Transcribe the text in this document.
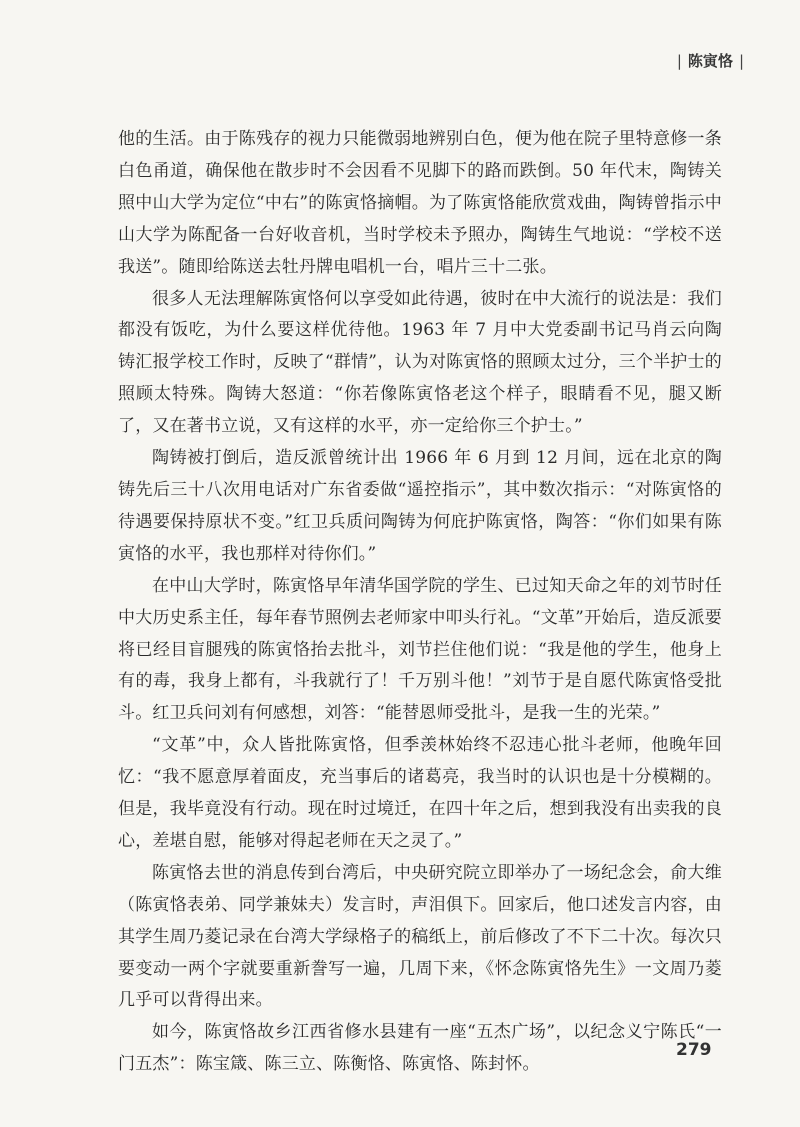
| 陈寅恪 |

他的生活。由于陈残存的视力只能微弱地辨别白色，便为他在院子里特意修一条白色甬道，确保他在散步时不会因看不见脚下的路而跌倒。50 年代末，陶铸关照中山大学为定位“中右”的陈寅恪摘帽。为了陈寅恪能欣赏戏曲，陶铸曾指示中山大学为陈配备一台好收音机，当时学校未予照办，陶铸生气地说：“学校不送我送”。随即给陈送去牡丹牌电唱机一台，唱片三十二张。

很多人无法理解陈寅恪何以享受如此待遇，彼时在中大流行的说法是：我们都没有饭吃，为什么要这样优待他。1963 年 7 月中大党委副书记马肖云向陶铸汇报学校工作时，反映了“群情”，认为对陈寅恪的照顾太过分，三个半护士的照顾太特殊。陶铸大怒道：“你若像陈寅恪老这个样子，眼睛看不见，腿又断了，又在著书立说，又有这样的水平，亦一定给你三个护士。”

陶铸被打倒后，造反派曾统计出 1966 年 6 月到 12 月间，远在北京的陶铸先后三十八次用电话对广东省委做“遥控指示”，其中数次指示：“对陈寅恪的待遇要保持原状不变。”红卫兵质问陶铸为何庇护陈寅恪，陶答：“你们如果有陈寅恪的水平，我也那样对待你们。”

在中山大学时，陈寅恪早年清华国学院的学生、已过知天命之年的刘节时任中大历史系主任，每年春节照例去老师家中叩头行礼。“文革”开始后，造反派要将已经目盲腿残的陈寅恪抬去批斗，刘节拦住他们说：“我是他的学生，他身上有的毒，我身上都有，斗我就行了！千万别斗他！”刘节于是自愿代陈寅恪受批斗。红卫兵问刘有何感想，刘答：“能替恩师受批斗，是我一生的光荣。”

“文革”中，众人皆批陈寅恪，但季羡林始终不忍违心批斗老师，他晚年回忆：“我不愿意厚着面皮，充当事后的诸葛亮，我当时的认识也是十分模糊的。但是，我毕竟没有行动。现在时过境迁，在四十年之后，想到我没有出卖我的良心，差堪自慰，能够对得起老师在天之灵了。”

陈寅恪去世的消息传到台湾后，中央研究院立即举办了一场纪念会，俞大维（陈寅恪表弟、同学兼妹夫）发言时，声泪俱下。回家后，他口述发言内容，由其学生周乃菱记录在台湾大学绿格子的稿纸上，前后修改了不下二十次。每次只要变动一两个字就要重新誊写一遍，几周下来，《怀念陈寅恪先生》一文周乃菱几乎可以背得出来。

如今，陈寅恪故乡江西省修水县建有一座“五杰广场”，以纪念义宁陈氏“一门五杰”：陈宝箴、陈三立、陈衡恪、陈寅恪、陈封怀。

279
